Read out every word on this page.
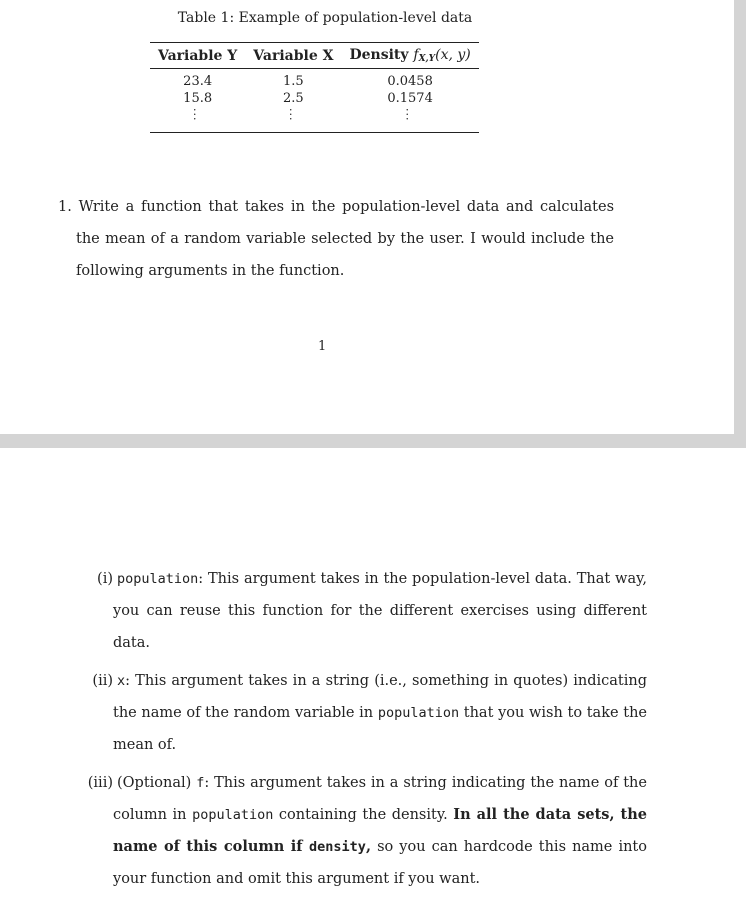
Table 1: Example of population-level data

Variable Y	Variable X	Density $f_{X,Y}(x$, y)
23.4	1.5	0.0458
15.8	2.5	0.1574
...	...	...
1. Write a function that takes in the population-level data and calculates the mean of a random variable selected by the user. I would include the following arguments in the function.
1
(i) population: This argument takes in the population-level data. That way, you can reuse this function for the different exercises using different data.
(ii) x: This argument takes in a string (i.e., something in quotes) indicating the name of the random variable in population that you wish to take the mean of.
(iii) (Optional) f: This argument takes in a string indicating the name of the column in population containing the density. In all the data sets, the name of this column if density, so you can hardcode this name into your function and omit this argument if you want.
